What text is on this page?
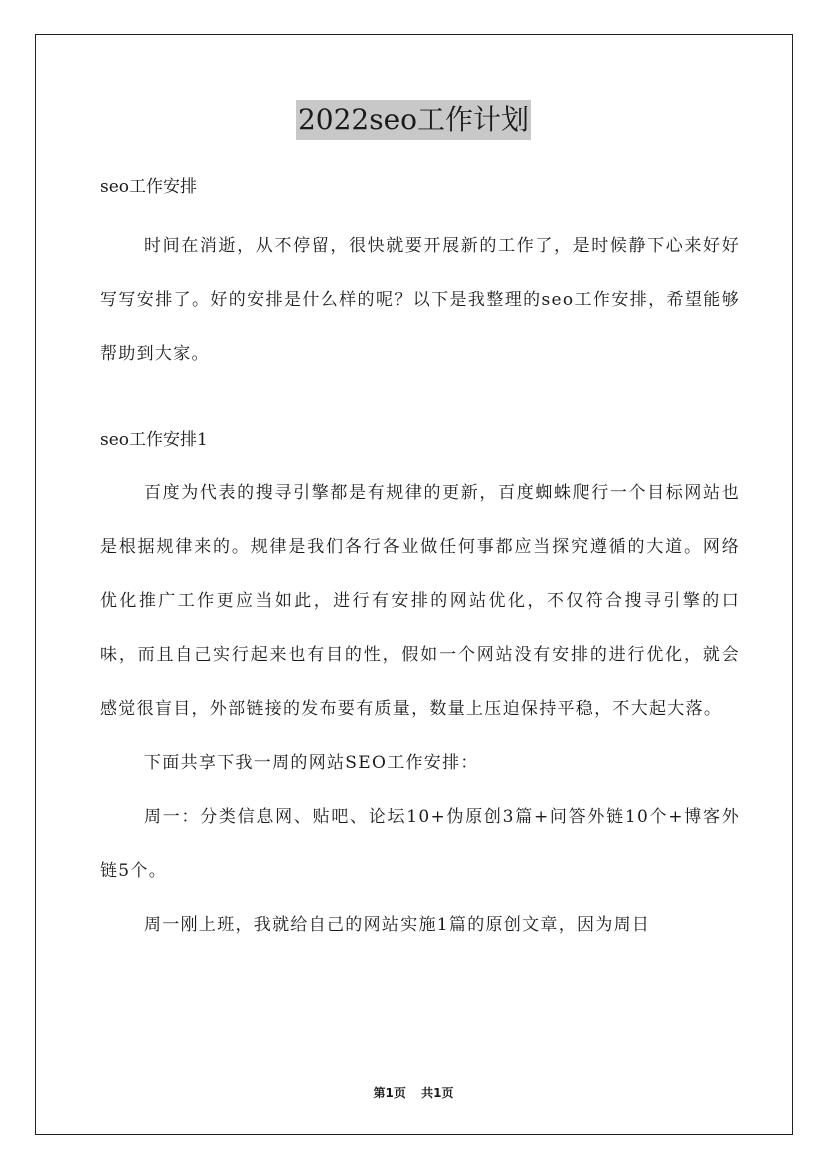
2022seo工作计划

seo工作安排

时间在消逝，从不停留，很快就要开展新的工作了，是时候静下心来好好写写安排了。好的安排是什么样的呢？以下是我整理的seo工作安排，希望能够帮助到大家。

seo工作安排1

百度为代表的搜寻引擎都是有规律的更新，百度蜘蛛爬行一个目标网站也是根据规律来的。规律是我们各行各业做任何事都应当探究遵循的大道。网络优化推广工作更应当如此，进行有安排的网站优化，不仅符合搜寻引擎的口味，而且自己实行起来也有目的性，假如一个网站没有安排的进行优化，就会感觉很盲目，外部链接的发布要有质量，数量上压迫保持平稳，不大起大落。

下面共享下我一周的网站SEO工作安排：

周一：分类信息网、贴吧、论坛10+伪原创3篇+问答外链10个+博客外链5个。

周一刚上班，我就给自己的网站实施1篇的原创文章，因为周日

第1页 共1页
